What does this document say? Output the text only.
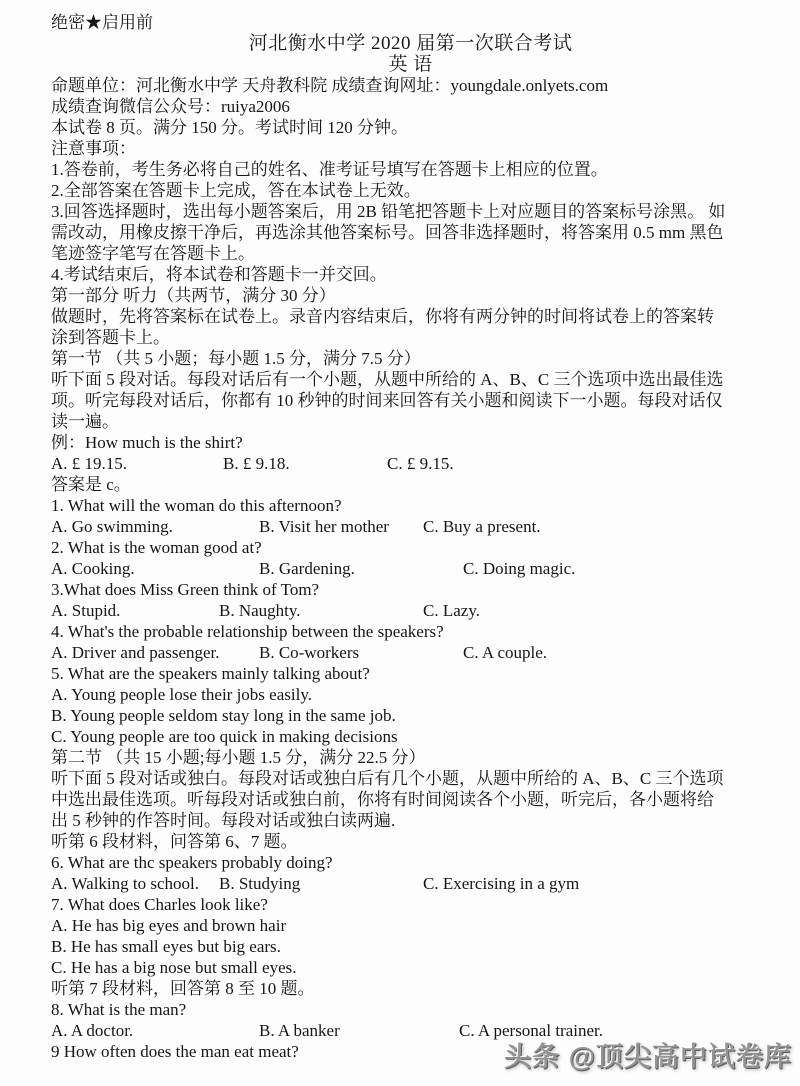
绝密★启用前
河北衡水中学 2020 届第一次联合考试
英 语
命题单位：河北衡水中学 天舟教科院 成绩查询网址：youngdale.onlyets.com
成绩查询微信公众号：ruiya2006
本试卷 8 页。满分 150 分。考试时间 120 分钟。
注意事项：
1.答卷前，考生务必将自己的姓名、准考证号填写在答题卡上相应的位置。
2.全部答案在答题卡上完成，答在本试卷上无效。
3.回答选择题时，选出每小题答案后，用 2B 铅笔把答题卡上对应题目的答案标号涂黑。 如
需改动，用橡皮擦干净后，再选涂其他答案标号。回答非选择题时，将答案用 0.5 mm 黑色
笔迹签字笔写在答题卡上。
4.考试结束后，将本试卷和答题卡一并交回。
第一部分 听力（共两节，满分 30 分）
做题时，先将答案标在试卷上。录音内容结束后，你将有两分钟的时间将试卷上的答案转
涂到答题卡上。
第一节 （共 5 小题；每小题 1.5 分，满分 7.5 分）
听下面 5 段对话。每段对话后有一个小题，从题中所给的 A、B、C 三个选项中选出最佳选
项。听完每段对话后，你都有 10 秒钟的时间来回答有关小题和阅读下一小题。每段对话仅
读一遍。
例：How much is the shirt?
A. £ 19.15.	B. £ 9.18.	C. £ 9.15.
答案是 c。
1. What will the woman do this afternoon?
A. Go swimming.	B. Visit her mother C. Buy a present.
2. What is the woman good at?
A. Cooking.	B. Gardening.	C. Doing magic.
3.What does Miss Green think of Tom?
A. Stupid.	B. Naughty.	C. Lazy.
4. What's the probable relationship between the speakers?
A. Driver and passenger. B. Co-workers	C. A couple.
5. What are the speakers mainly talking about?
A. Young people lose their jobs easily.
B. Young people seldom stay long in the same job.
C. Young people are too quick in making decisions
第二节 （共 15 小题;每小题 1.5 分，满分 22.5 分）
听下面 5 段对话或独白。每段对话或独白后有几个小题，从题中所给的 A、B、C 三个选项
中选出最佳选项。听每段对话或独白前，你将有时间阅读各个小题，听完后，各小题将给
出 5 秒钟的作答时间。每段对话或独白读两遍.
听第 6 段材料，问答第 6、7 题。
6. What are thc speakers probably doing?
A. Walking to school. B. Studying	C. Exercising in a gym
7. What does Charles look like?
A. He has big eyes and brown hair
B. He has small eyes but big ears.
C. He has a big nose but small eyes.
听第 7 段材料，回答第 8 至 10 题。
8. What is the man?
A. A doctor.	B. A banker	C. A personal trainer.
9 How often does the man eat meat?	头条 @顶尖高中试卷库
